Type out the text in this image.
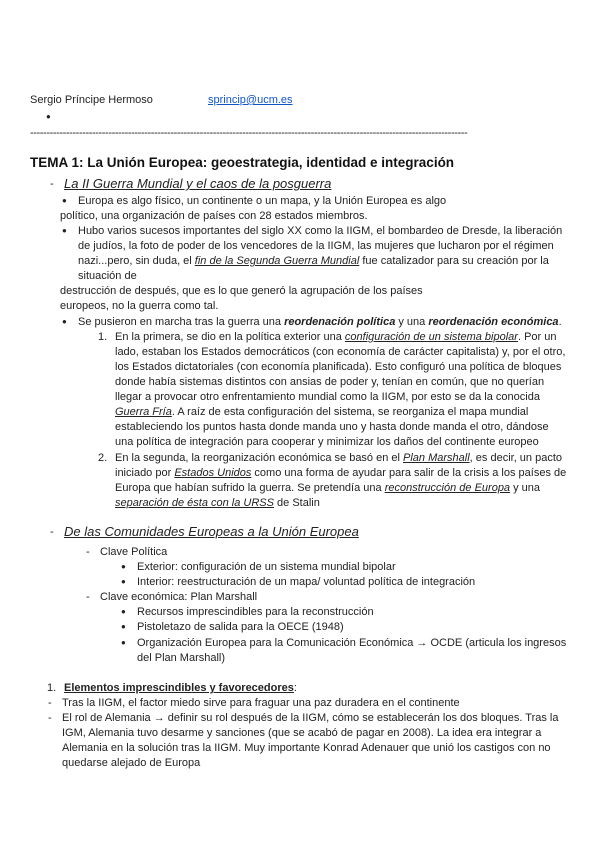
Sergio Príncipe Hermoso	sprincip@ucm.es
●
--------------------------------------------------------------------------------------------------------------------------------------
TEMA 1: La Unión Europea: geoestrategia, identidad e integración
- La II Guerra Mundial y el caos de la posguerra
● Europa es algo físico, un continente o un mapa, y la Unión Europea es algo
político, una organización de países con 28 estados miembros.
● Hubo varios sucesos importantes del siglo XX como la IIGM, el bombardeo de Dresde, la liberación
de judíos, la foto de poder de los vencedores de la IIGM, las mujeres que lucharon por el régimen
nazi...pero, sin duda, el fin de la Segunda Guerra Mundial fue catalizador para su creación por la
situación de
destrucción de después, que es lo que generó la agrupación de los países
europeos, no la guerra como tal.
● Se pusieron en marcha tras la guerra una reordenación política y una reordenación económica.
1. En la primera, se dio en la política exterior una configuración de un sistema bipolar. Por un
lado, estaban los Estados democráticos (con economía de carácter capitalista) y, por el otro,
los Estados dictatoriales (con economía planificada). Esto configuró una política de bloques
donde había sistemas distintos con ansias de poder y, tenían en común, que no querían
llegar a provocar otro enfrentamiento mundial como la IIGM, por esto se da la conocida
Guerra Fría. A raíz de esta configuración del sistema, se reorganiza el mapa mundial
estableciendo los puntos hasta donde manda uno y hasta donde manda el otro, dándose
una política de integración para cooperar y minimizar los daños del continente europeo
2. En la segunda, la reorganización económica se basó en el Plan Marshall, es decir, un pacto
iniciado por Estados Unidos como una forma de ayudar para salir de la crisis a los países de
Europa que habían sufrido la guerra. Se pretendía una reconstrucción de Europa y una
separación de ésta con la URSS de Stalin
- De las Comunidades Europeas a la Unión Europea
- Clave Política
● Exterior: configuración de un sistema mundial bipolar
● Interior: reestructuración de un mapa/ voluntad política de integración
- Clave económica: Plan Marshall
● Recursos imprescindibles para la reconstrucción
● Pistoletazo de salida para la OECE (1948)
● Organización Europea para la Comunicación Económica → OCDE (articula los ingresos
del Plan Marshall)
1. Elementos imprescindibles y favorecedores:
- Tras la IIGM, el factor miedo sirve para fraguar una paz duradera en el continente
- El rol de Alemania → definir su rol después de la IIGM, cómo se establecerán los dos bloques. Tras la
IGM, Alemania tuvo desarme y sanciones (que se acabó de pagar en 2008). La idea era integrar a
Alemania en la solución tras la IIGM. Muy importante Konrad Adenauer que unió los castigos con no
quedarse alejado de Europa
